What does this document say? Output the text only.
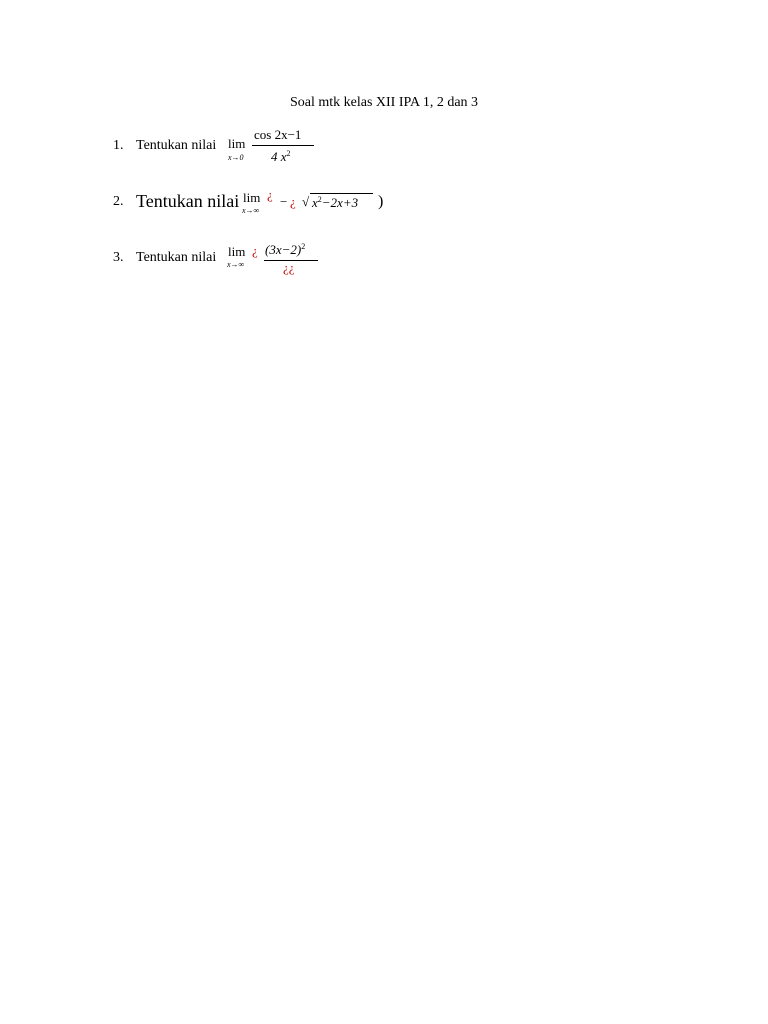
Soal mtk kelas XII IPA 1, 2 dan 3
1. Tentukan nilai lim
x→0
cos 2x−1
4 $x^2$
2. Tentukan nilai lim
x→∞
¿ − ¿ √ $x^2-2x+3$ )
3. Tentukan nilai lim
x→∞
¿ $(3x-2)^2$
¿¿
